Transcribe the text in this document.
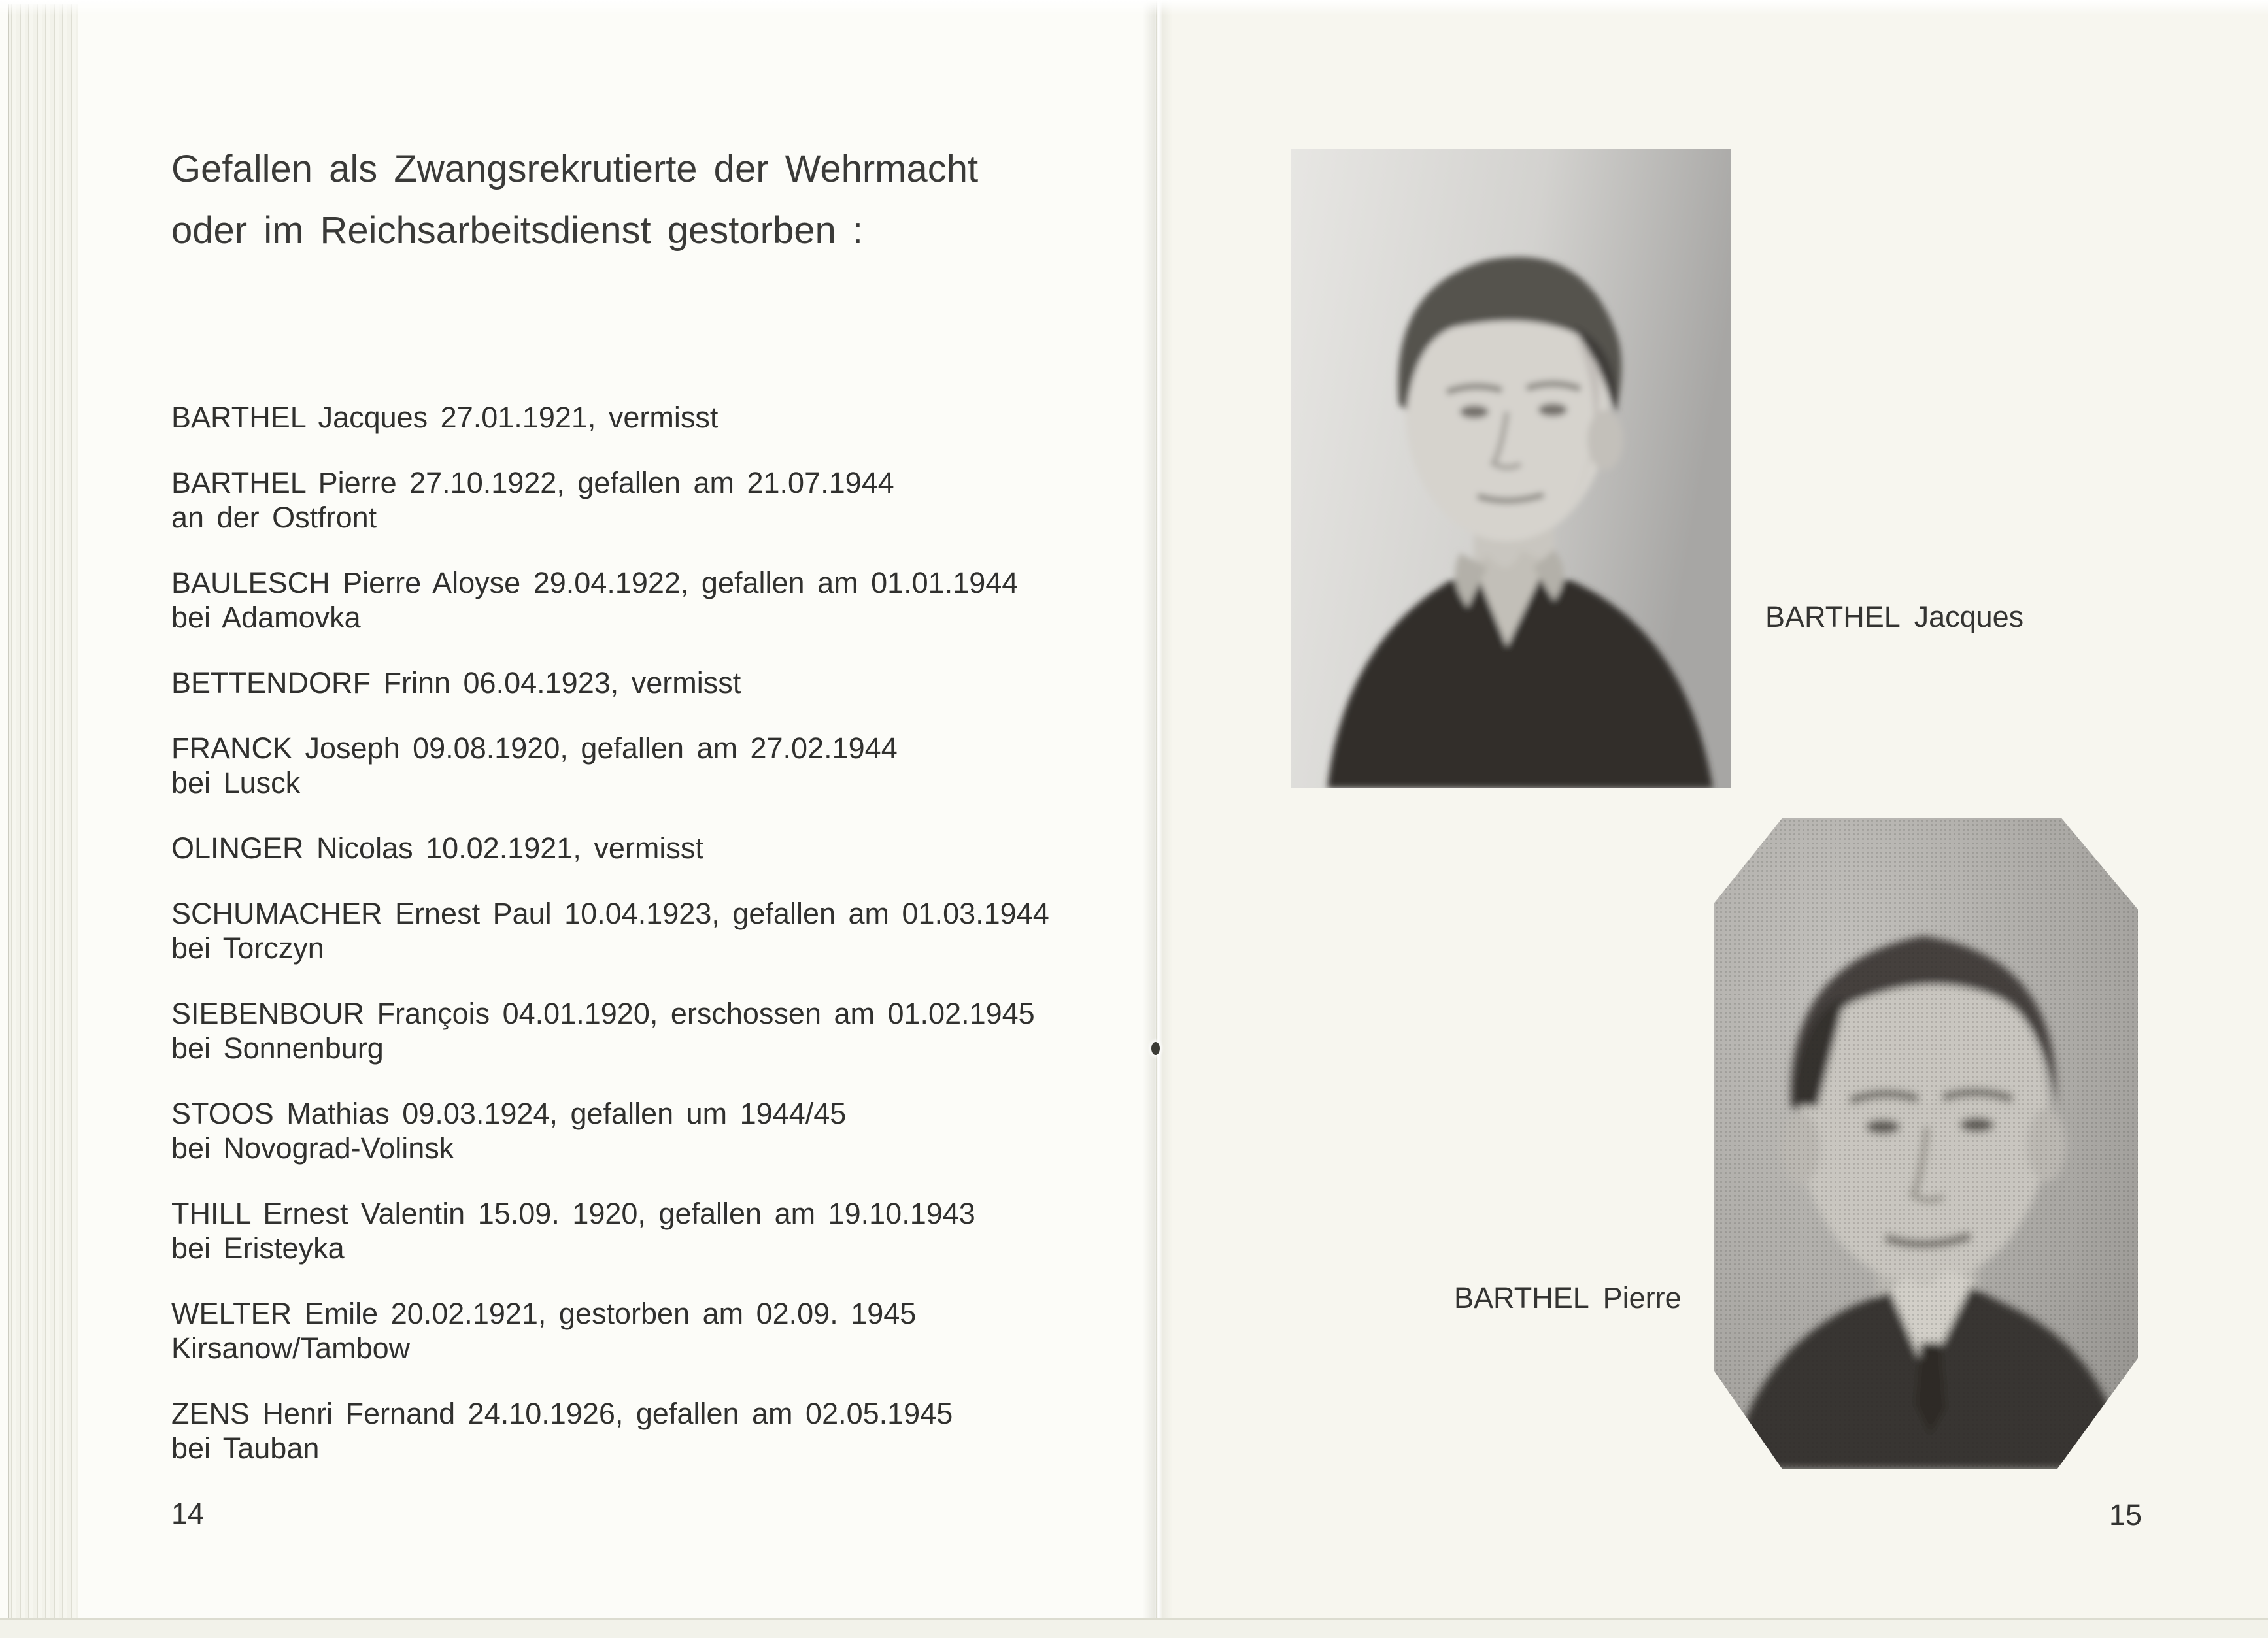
Gefallen als Zwangsrekrutierte der Wehrmacht
oder im Reichsarbeitsdienst gestorben :
BARTHEL Jacques 27.01.1921, vermisst
BARTHEL Pierre 27.10.1922, gefallen am 21.07.1944
an der Ostfront
BAULESCH Pierre Aloyse 29.04.1922, gefallen am 01.01.1944
bei Adamovka
BETTENDORF Frinn 06.04.1923, vermisst
FRANCK Joseph 09.08.1920, gefallen am 27.02.1944
bei Lusck
OLINGER Nicolas 10.02.1921, vermisst
SCHUMACHER Ernest Paul 10.04.1923, gefallen am 01.03.1944
bei Torczyn
SIEBENBOUR François 04.01.1920, erschossen am 01.02.1945
bei Sonnenburg
STOOS Mathias 09.03.1924, gefallen um 1944/45
bei Novograd-Volinsk
THILL Ernest Valentin 15.09. 1920, gefallen am 19.10.1943
bei Eristeyka
WELTER Emile 20.02.1921, gestorben am 02.09. 1945
Kirsanow/Tambow
ZENS Henri Fernand 24.10.1926, gefallen am 02.05.1945
bei Tauban
14
BARTHEL Jacques
BARTHEL Pierre
15
